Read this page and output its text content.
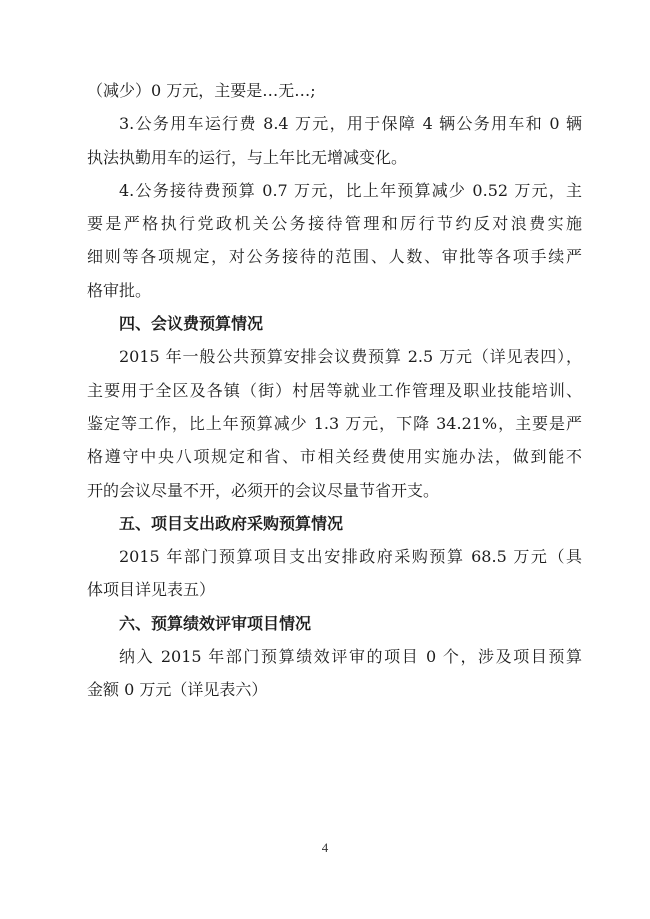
（减少）0 万元，主要是…无…;
3.公务用车运行费 8.4 万元，用于保障 4 辆公务用车和 0 辆
执法执勤用车的运行，与上年比无增减变化。
4.公务接待费预算 0.7 万元，比上年预算减少 0.52 万元，主
要是严格执行党政机关公务接待管理和厉行节约反对浪费实施
细则等各项规定，对公务接待的范围、人数、审批等各项手续严
格审批。
四、会议费预算情况
2015 年一般公共预算安排会议费预算 2.5 万元（详见表四），
主要用于全区及各镇（街）村居等就业工作管理及职业技能培训、
鉴定等工作，比上年预算减少 1.3 万元，下降 34.21%，主要是严
格遵守中央八项规定和省、市相关经费使用实施办法，做到能不
开的会议尽量不开，必须开的会议尽量节省开支。
五、项目支出政府采购预算情况
2015 年部门预算项目支出安排政府采购预算 68.5 万元（具
体项目详见表五）
六、预算绩效评审项目情况
纳入 2015 年部门预算绩效评审的项目 0 个，涉及项目预算
金额 0 万元（详见表六）
4
